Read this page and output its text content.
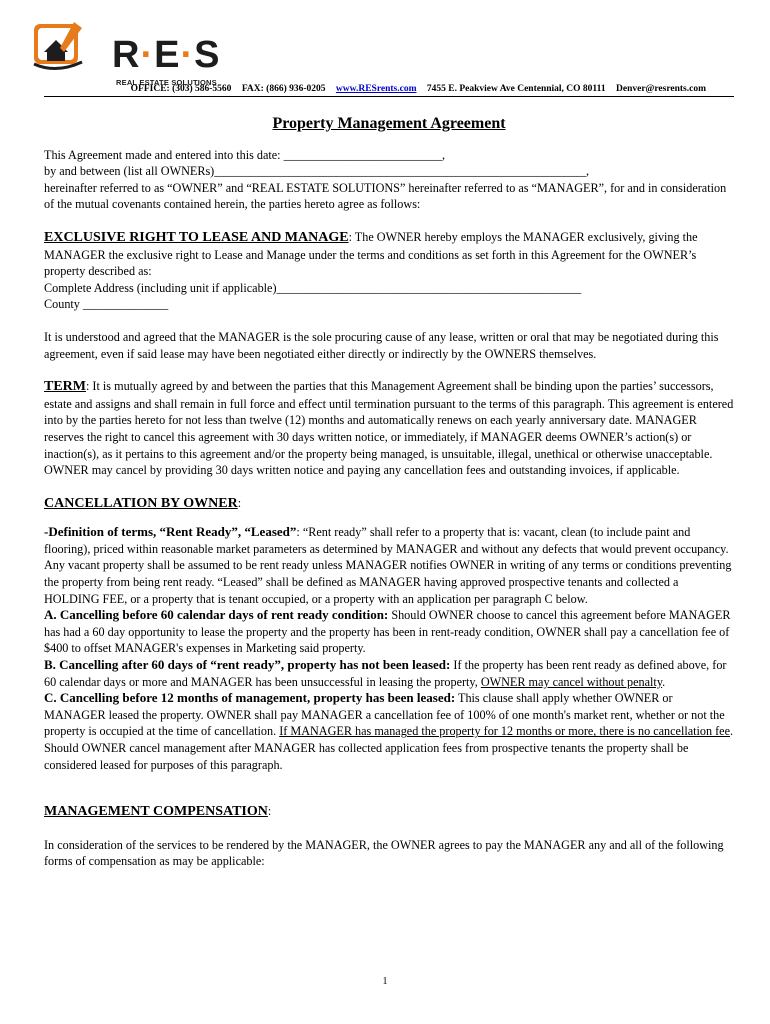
R·E·S
REAL ESTATE SOLUTIONS
OFFICE: (303) 586-5560 FAX: (866) 936-0205 www.RESrents.com 7455 E. Peakview Ave Centennial, CO 80111 Denver@resrents.com

Property Management Agreement

This Agreement made and entered into this date: __________________________,

by and between (list all OWNERs)_____________________________________________________________,

hereinafter referred to as “OWNER” and “REAL ESTATE SOLUTIONS” hereinafter referred to as “MANAGER”, for and in consideration of the mutual covenants contained herein, the parties hereto agree as follows:

EXCLUSIVE RIGHT TO LEASE AND MANAGE: The OWNER hereby employs the MANAGER exclusively, giving the MANAGER the exclusive right to Lease and Manage under the terms and conditions as set forth in this Agreement for the OWNER’s property described as:

Complete Address (including unit if applicable)__________________________________________________

County ______________

It is understood and agreed that the MANAGER is the sole procuring cause of any lease, written or oral that may be negotiated during this agreement, even if said lease may have been negotiated either directly or indirectly by the OWNERS themselves.

TERM: It is mutually agreed by and between the parties that this Management Agreement shall be binding upon the parties’ successors, estate and assigns and shall remain in full force and effect until termination pursuant to the terms of this paragraph. This agreement is entered into by the parties hereto for not less than twelve (12) months and automatically renews on each yearly anniversary date. MANAGER reserves the right to cancel this agreement with 30 days written notice, or immediately, if MANAGER deems OWNER’s action(s) or inaction(s), as it pertains to this agreement and/or the property being managed, is unsuitable, illegal, unethical or otherwise unacceptable. OWNER may cancel by providing 30 days written notice and paying any cancellation fees and outstanding invoices, if applicable.

CANCELLATION BY OWNER:

-Definition of terms, “Rent Ready”, “Leased”: “Rent ready” shall refer to a property that is: vacant, clean (to include paint and flooring), priced within reasonable market parameters as determined by MANAGER and without any defects that would prevent occupancy. Any vacant property shall be assumed to be rent ready unless MANAGER notifies OWNER in writing of any terms or conditions preventing the property from being rent ready. “Leased” shall be defined as MANAGER having approved prospective tenants and collected a HOLDING FEE, or a property that is tenant occupied, or a property with an application per paragraph C below.

A. Cancelling before 60 calendar days of rent ready condition: Should OWNER choose to cancel this agreement before MANAGER has had a 60 day opportunity to lease the property and the property has been in rent-ready condition, OWNER shall pay a cancellation fee of $400 to offset MANAGER's expenses in Marketing said property.

B. Cancelling after 60 days of “rent ready”, property has not been leased: If the property has been rent ready as defined above, for 60 calendar days or more and MANAGER has been unsuccessful in leasing the property, OWNER may cancel without penalty.

C. Cancelling before 12 months of management, property has been leased: This clause shall apply whether OWNER or MANAGER leased the property. OWNER shall pay MANAGER a cancellation fee of 100% of one month's market rent, whether or not the property is occupied at the time of cancellation. If MANAGER has managed the property for 12 months or more, there is no cancellation fee. Should OWNER cancel management after MANAGER has collected application fees from prospective tenants the property shall be considered leased for purposes of this paragraph.

MANAGEMENT COMPENSATION:

In consideration of the services to be rendered by the MANAGER, the OWNER agrees to pay the MANAGER any and all of the following forms of compensation as may be applicable:

1
